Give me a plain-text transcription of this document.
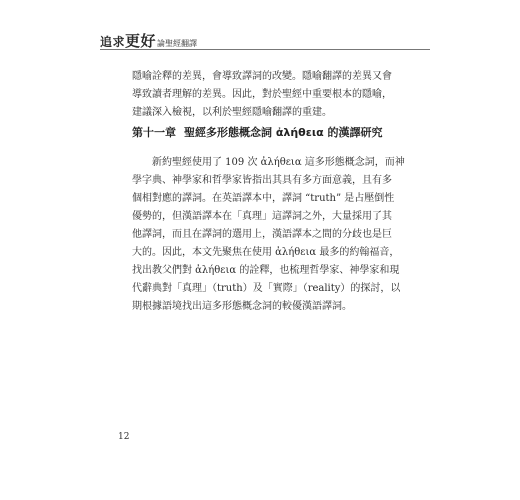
追求 更好 論聖經翻譯
隱喻詮釋的差異，會導致譯詞的改變。隱喻翻譯的差異又會
導致讀者理解的差異。因此，對於聖經中重要根本的隱喻，
建議深入檢視，以利於聖經隱喻翻譯的重建。
第十一章 聖經多形態概念詞 ἀλήθεια 的漢譯研究
新約聖經使用了 109 次 ἀλήθεια 這多形態概念詞，而神
學字典、神學家和哲學家皆指出其具有多方面意義，且有多
個相對應的譯詞。在英語譯本中，譯詞 “truth” 是占壓倒性
優勢的，但漢語譯本在「真理」這譯詞之外，大量採用了其
他譯詞，而且在譯詞的選用上，漢語譯本之間的分歧也是巨
大的。因此，本文先聚焦在使用 ἀλήθεια 最多的約翰福音，
找出教父們對 ἀλήθεια 的詮釋，也梳理哲學家、神學家和現
代辭典對「真理」（truth）及「實際」（reality）的探討，以
期根據語境找出這多形態概念詞的較優漢語譯詞。
12
